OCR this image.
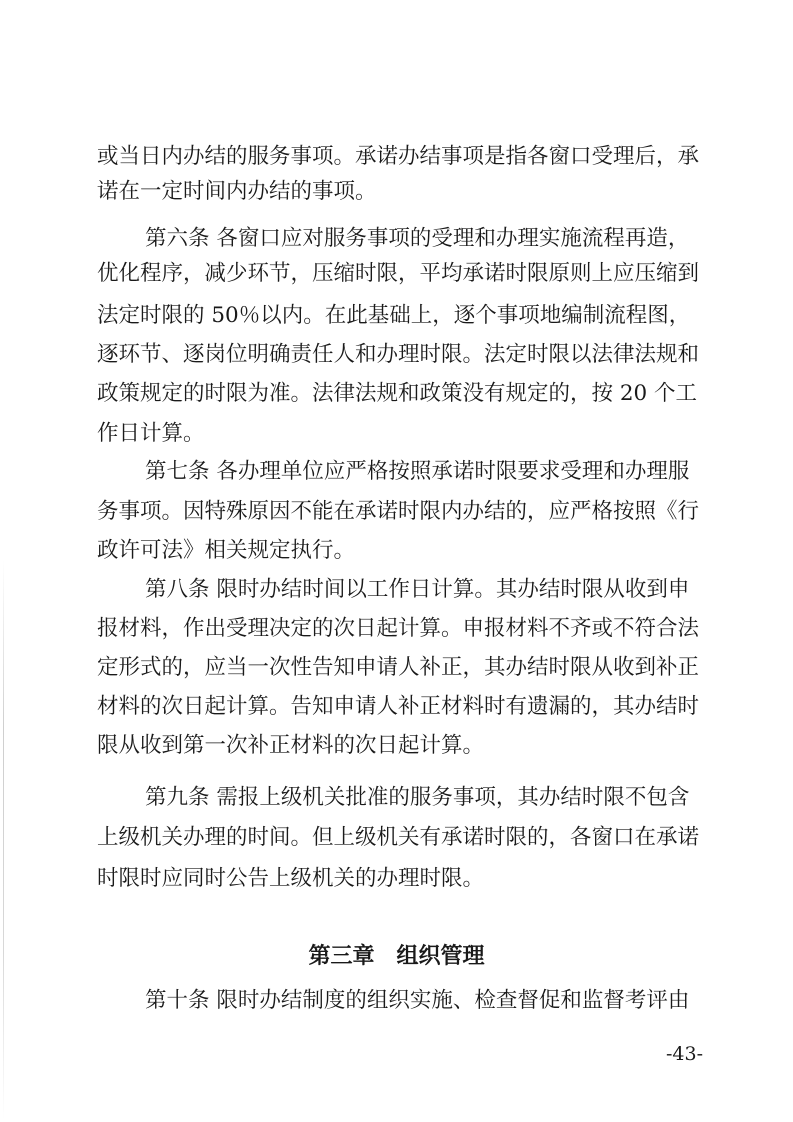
或当日内办结的服务事项。承诺办结事项是指各窗口受理后，承
诺在一定时间内办结的事项。
第六条 各窗口应对服务事项的受理和办理实施流程再造，
优化程序，减少环节，压缩时限，平均承诺时限原则上应压缩到
法定时限的 50％以内。在此基础上，逐个事项地编制流程图，
逐环节、逐岗位明确责任人和办理时限。法定时限以法律法规和
政策规定的时限为准。法律法规和政策没有规定的，按 20 个工
作日计算。
第七条 各办理单位应严格按照承诺时限要求受理和办理服
务事项。因特殊原因不能在承诺时限内办结的，应严格按照《行
政许可法》相关规定执行。
第八条 限时办结时间以工作日计算。其办结时限从收到申
报材料，作出受理决定的次日起计算。申报材料不齐或不符合法
定形式的，应当一次性告知申请人补正，其办结时限从收到补正
材料的次日起计算。告知申请人补正材料时有遗漏的，其办结时
限从收到第一次补正材料的次日起计算。
第九条 需报上级机关批准的服务事项，其办结时限不包含
上级机关办理的时间。但上级机关有承诺时限的，各窗口在承诺
时限时应同时公告上级机关的办理时限。
第三章　组织管理
第十条 限时办结制度的组织实施、检查督促和监督考评由
-43-
